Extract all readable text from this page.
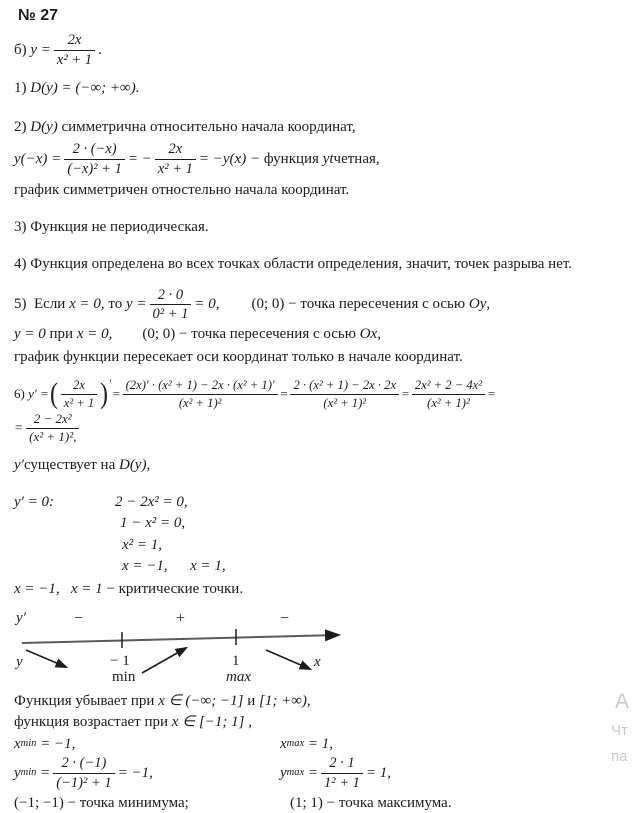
№ 27
б) $y = \frac{2x}{\text{x² + 1}}$ .
1) D(y) = (−∞; +∞).
2) D(y) симметрична относительно начала координат,
$y(-x) = \frac{2 \cdot (-x)}{\text{(−x)² + 1}}$ = − $\frac{2x}{\text{x² + 1}} = -y(x)$ − функция yt четная,
график симметричен отностельно начала координат.
3) Функция не периодическая.
4) Функция определена во всех точках области определения, значит, точек разрыва нет.
5)  Если x = 0, то $y = \frac{2 \cdot 0}{\text{0² + 1}} = 0$, (0; 0) − точка пересечения с осью Oy ,
y = 0 при x = 0, (0; 0) − точка пересечения с осью Ox ,
график функции пересекает оси координат только в начале координат.
6) y′ = ( $\frac{2x}{\text{x² + 1}}$ ) ′
= $\frac{\text{(2x)′ · (x² + 1) − 2x · (x² + 1)′}}{\text{(x² + 1)²}} = \frac{\text{2 · (x² + 1) − 2x · 2x}}{\text{(x² + 1)²}} = \frac{\text{2x² + 2 − 4x²}}{\text{(x² + 1)²}}$ =
= $\frac{\text{2 − 2x²}}{\text{(x² + 1)²,}}$
y′ существует на D(y) ,
y′ = 0:	2 − 2x² = 0,
1 − x² = 0,
x² = 1,
x = −1,      x = 1,
x = −1,   x = 1 − критические точки.
y′	−	+	−
y	− 1	1	x
min	max
Функция убывает при x ∈ (−∞; −1] и [1; +∞),
функция возрастает при x ∈ [−1; 1] ,
x min = −1,
y $\min = \frac{2 \cdot (-1)}{\text{(−1)² + 1}} = -1$,
(−1; −1) − точка минимума;
x max = 1,
y $\max = \frac{2 \cdot 1}{\text{1² + 1}} = 1$,
(1; 1) − точка максимума.
А
Чт
па
